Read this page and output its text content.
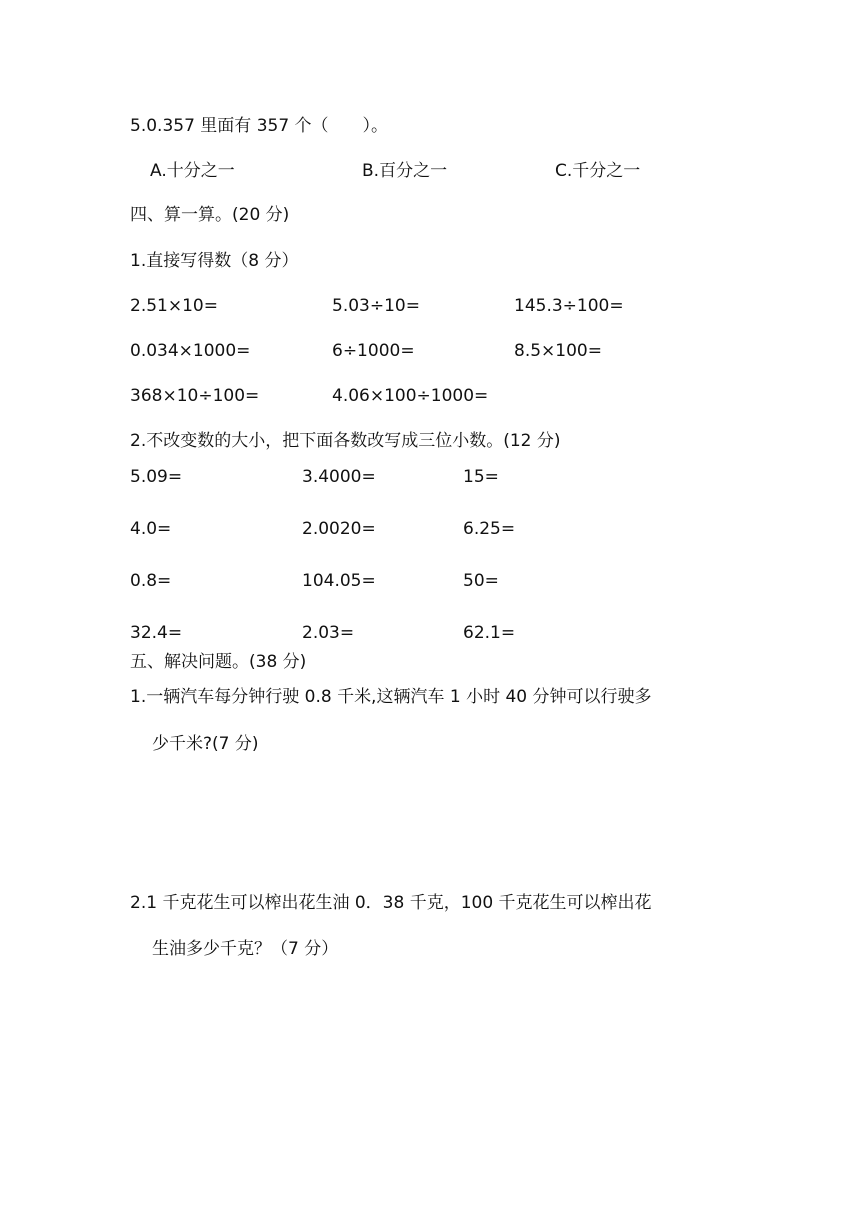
5.0.357 里面有 357 个（　　）。
A.十分之一	B.百分之一	C.千分之一
四、算一算。(20 分)
1.直接写得数（8 分）
2.51×10=	5.03÷10=	145.3÷100=
0.034×1000=	6÷1000=	8.5×100=
368×10÷100=	4.06×100÷1000=
2.不改变数的大小，把下面各数改写成三位小数。(12 分)
5.09=	3.4000=	15=
4.0=	2.0020=	6.25=
0.8=	104.05=	50=
32.4=	2.03=	62.1=
五、解决问题。(38 分)
1.一辆汽车每分钟行驶 0.8 千米,这辆汽车 1 小时 40 分钟可以行驶多
少千米?(7 分)
2.1 千克花生可以榨出花生油 0．38 千克，100 千克花生可以榨出花
生油多少千克？（7 分）
